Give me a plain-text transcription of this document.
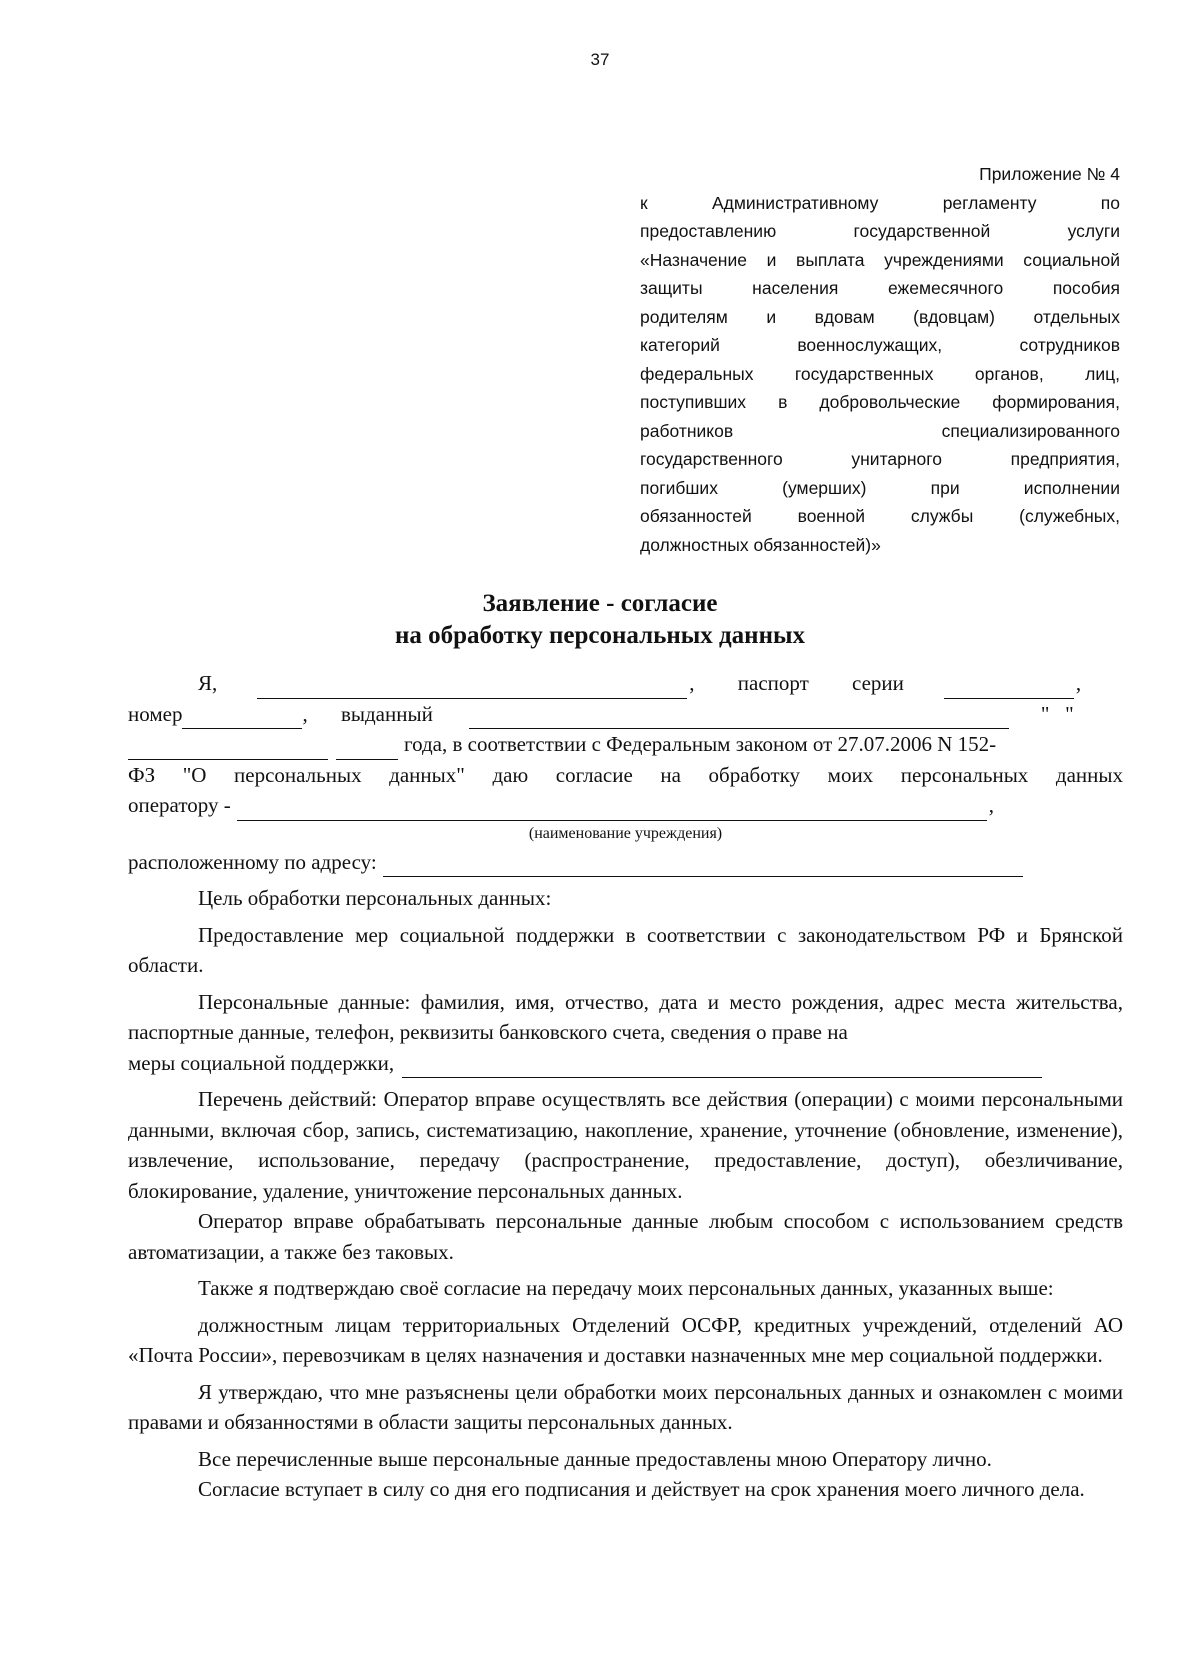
37
Приложение № 4
к Административному регламенту по
предоставлению государственной услуги
«Назначение и выплата учреждениями социальной
защиты населения ежемесячного пособия
родителям и вдовам (вдовцам) отдельных
категорий военнослужащих, сотрудников
федеральных государственных органов, лиц,
поступивших в добровольческие формирования,
работников специализированного
государственного унитарного предприятия,
погибших (умерших) при исполнении
обязанностей военной службы (служебных,
должностных обязанностей)»
Заявление - согласие
на обработку персональных данных
Я,	, паспорт серии	,
номер	, выданный	"   "
года, в соответствии с Федеральным законом от 27.07.2006 N 152-
ФЗ "О персональных данных" даю согласие на обработку моих персональных данных
оператору -	,
(наименование учреждения)
расположенному по адресу:
Цель обработки персональных данных:
Предоставление мер социальной поддержки в соответствии с законодательством РФ и Брянской области.
Персональные данные: фамилия, имя, отчество, дата и место рождения, адрес места жительства, паспортные данные, телефон, реквизиты банковского счета, сведения о праве на
меры социальной поддержки,
Перечень действий: Оператор вправе осуществлять все действия (операции) с моими персональными данными, включая сбор, запись, систематизацию, накопление, хранение, уточнение (обновление, изменение), извлечение, использование, передачу (распространение, предоставление, доступ), обезличивание, блокирование, удаление, уничтожение персональных данных.
Оператор вправе обрабатывать персональные данные любым способом с использованием средств автоматизации, а также без таковых.
Также я подтверждаю своё согласие на передачу моих персональных данных, указанных выше:
должностным лицам территориальных Отделений ОСФР, кредитных учреждений, отделений АО «Почта России», перевозчикам в целях назначения и доставки назначенных мне мер социальной поддержки.
Я утверждаю, что мне разъяснены цели обработки моих персональных данных и ознакомлен с моими правами и обязанностями в области защиты персональных данных.
Все перечисленные выше персональные данные предоставлены мною Оператору лично.
Согласие вступает в силу со дня его подписания и действует на срок хранения моего личного дела.
